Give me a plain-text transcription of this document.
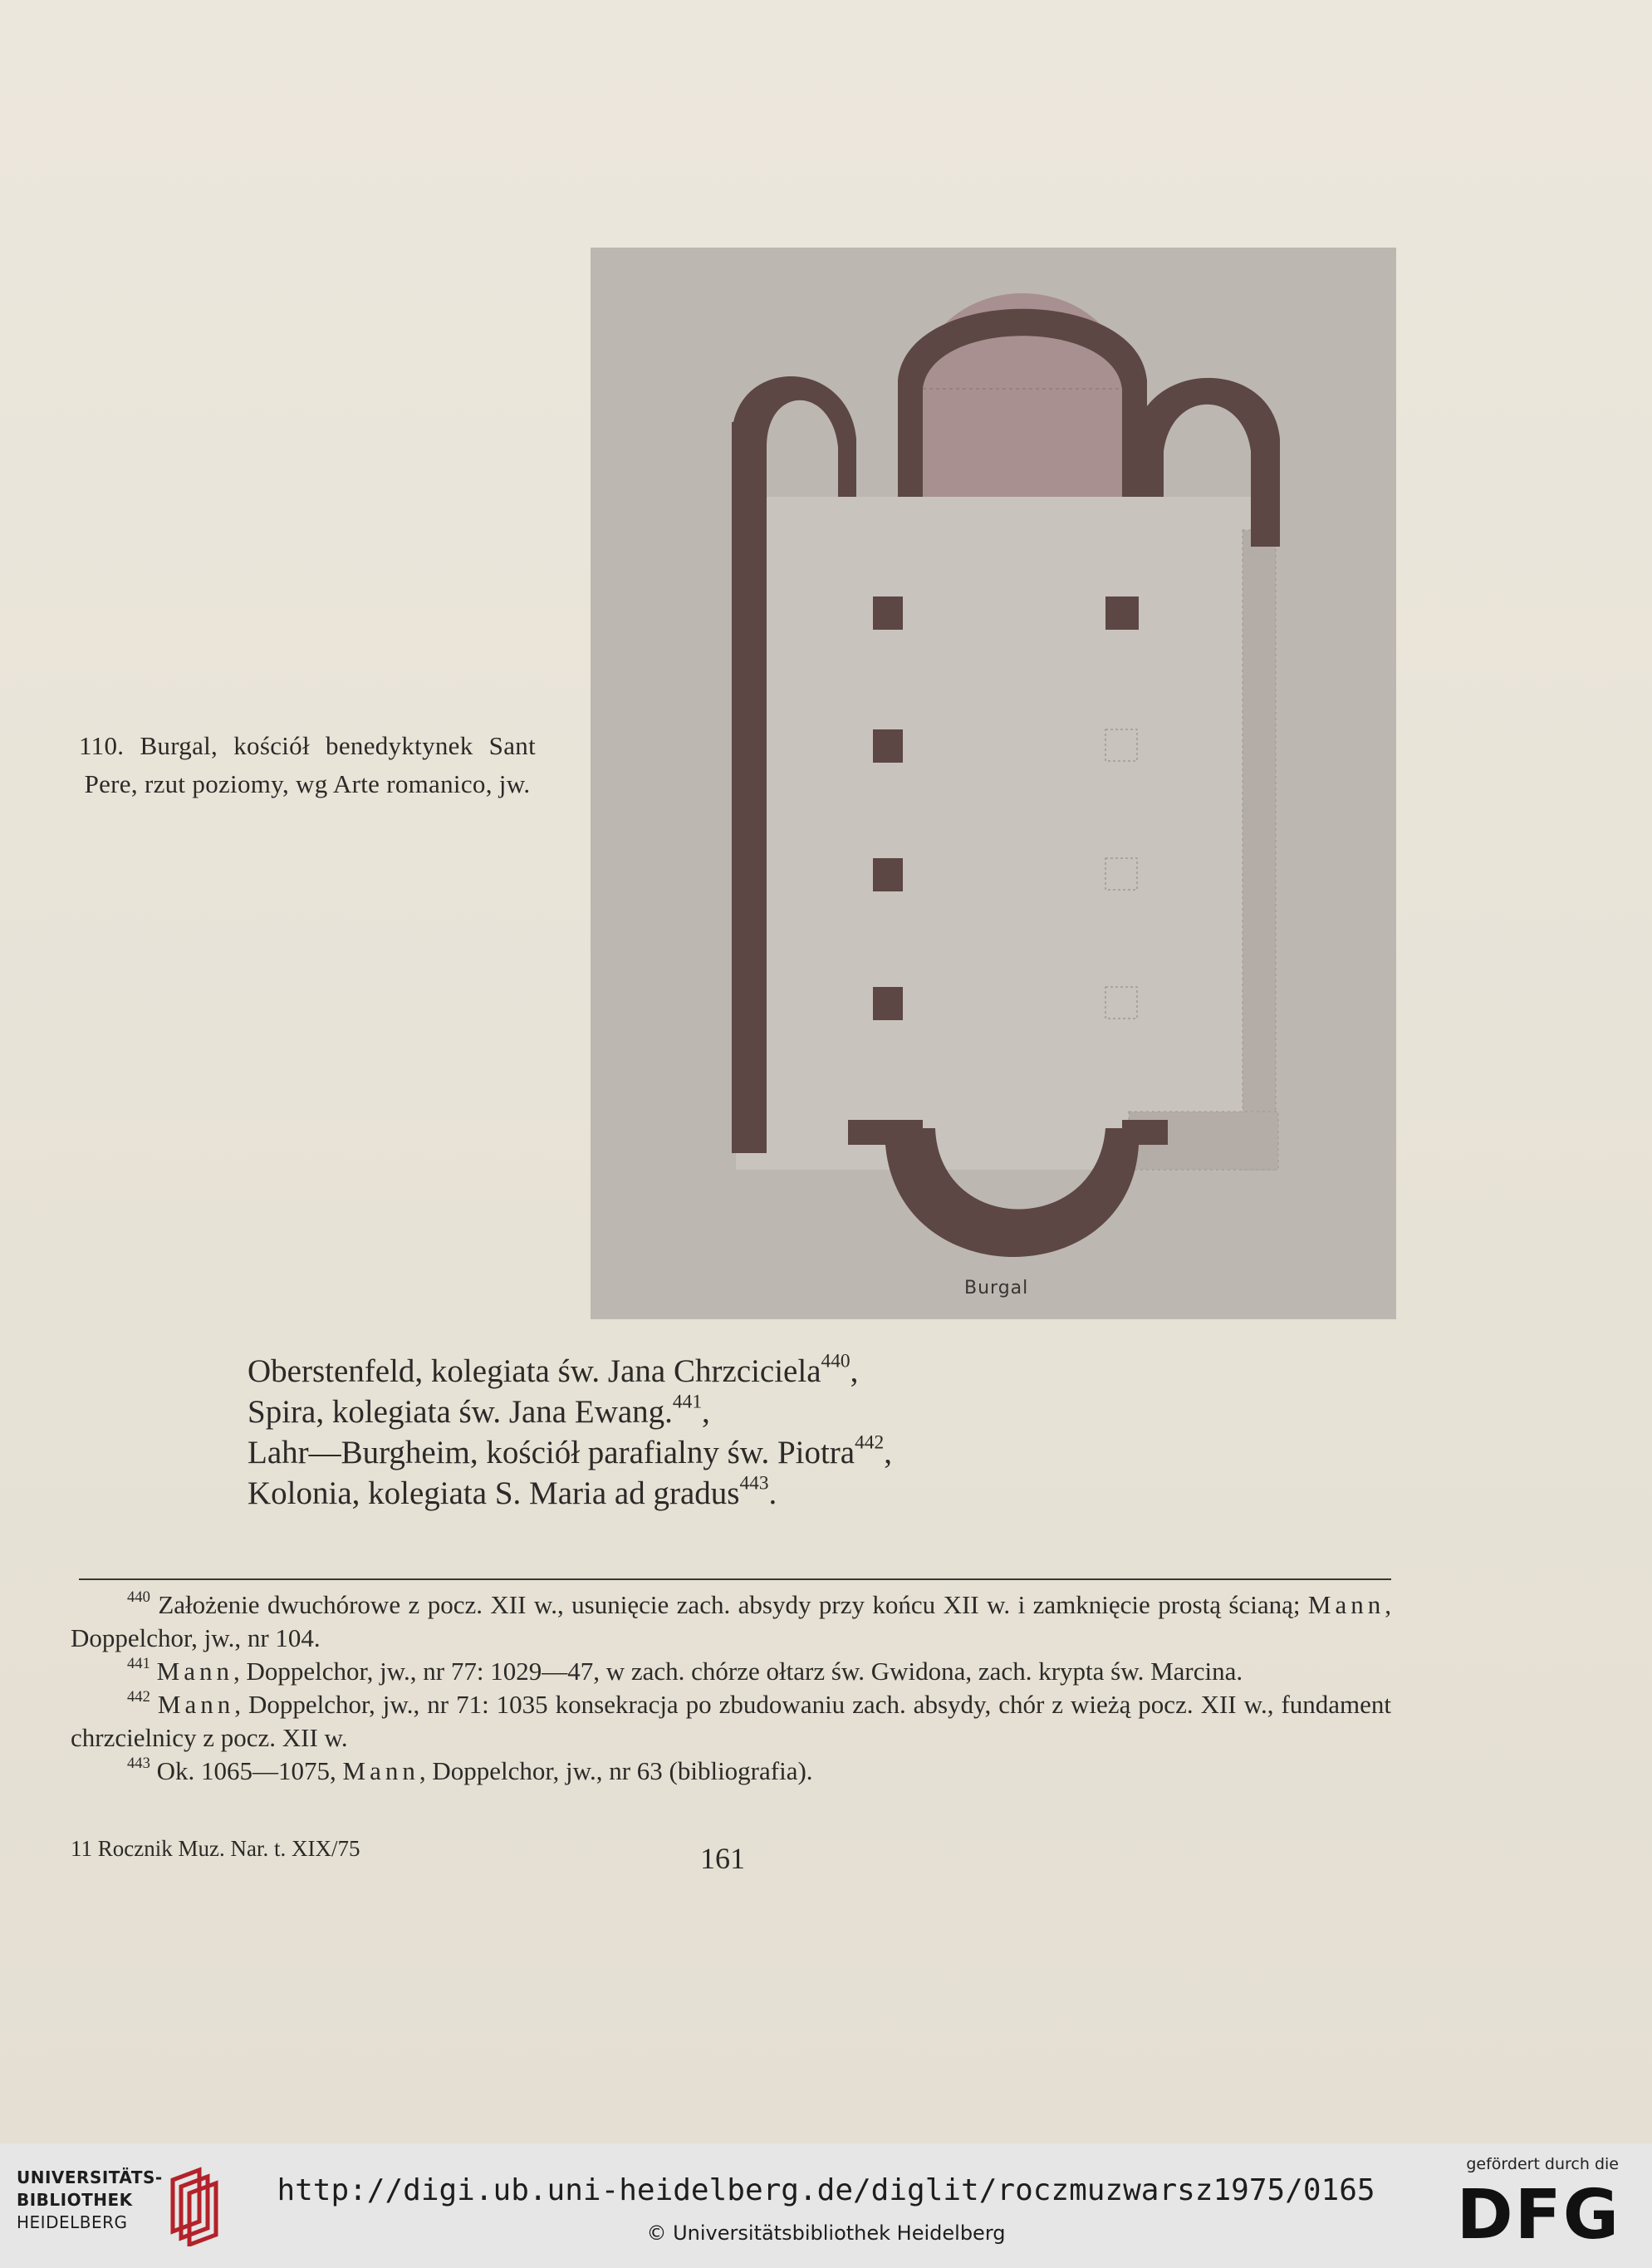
Burgal
110. Burgal, kościół benedyktynek Sant Pere, rzut poziomy, wg Arte romanico, jw.
Oberstenfeld, kolegiata św. Jana Chrzciciela$^{440}$,
Spira, kolegiata św. Jana Ewang.$^{441}$,
Lahr—Burgheim, kościół parafialny św. Piotra$^{442}$,
Kolonia, kolegiata S. Maria ad gradus$^{443}$.
$^{440}$ Założenie dwuchórowe z pocz. XII w., usunięcie zach. absydy przy końcu XII w. i zamknięcie prostą ścianą; Mann, Doppelchor, jw., nr 104.
$^{441}$ Mann, Doppelchor, jw., nr 77: 1029—47, w zach. chórze ołtarz św. Gwidona, zach. krypta św. Marcina.
$^{442}$ Mann, Doppelchor, jw., nr 71: 1035 konsekracja po zbudowaniu zach. absydy, chór z wieżą pocz. XII w., fundament chrzcielnicy z pocz. XII w.
$^{443}$ Ok. 1065—1075, Mann, Doppelchor, jw., nr 63 (bibliografia).
11 Rocznik Muz. Nar. t. XIX/75	161
UNIVERSITÄTS-
BIBLIOTHEK
HEIDELBERG
http://digi.ub.uni-heidelberg.de/diglit/roczmuzwarsz1975/0165
© Universitätsbibliothek Heidelberg
gefördert durch die
DFG
